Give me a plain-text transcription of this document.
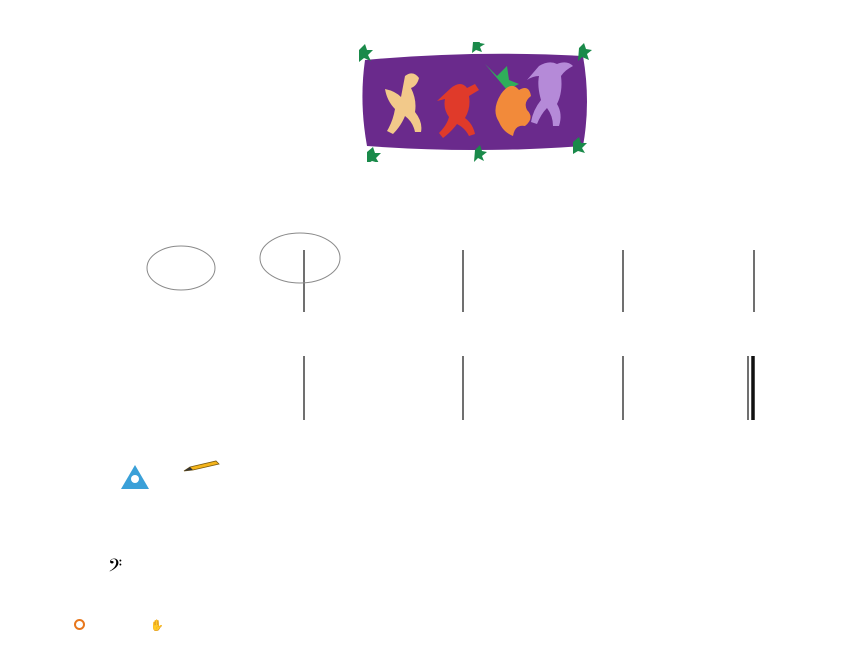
𝄢
✋
